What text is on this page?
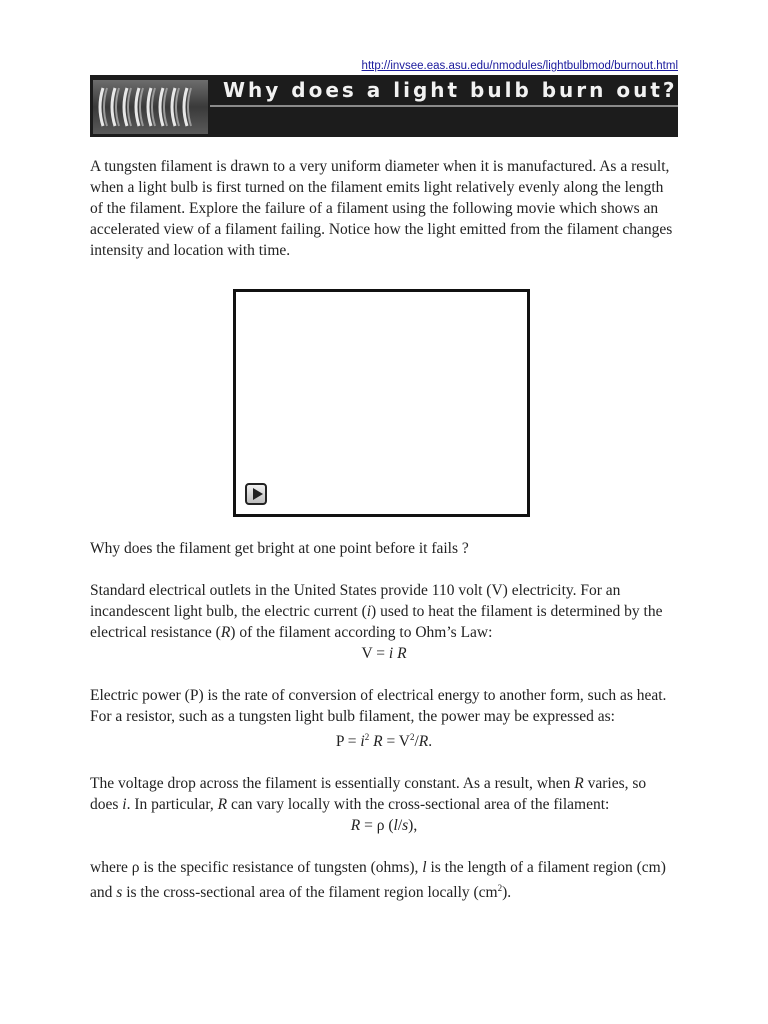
http://invsee.eas.asu.edu/nmodules/lightbulbmod/burnout.html
Why does a light bulb burn out?

A tungsten filament is drawn to a very uniform diameter when it is manufactured. As a result, when a light bulb is first turned on the filament emits light relatively evenly along the length of the filament. Explore the failure of a filament using the following movie which shows an accelerated view of a filament failing. Notice how the light emitted from the filament changes intensity and location with time.

Why does the filament get bright at one point before it fails ?

Standard electrical outlets in the United States provide 110 volt (V) electricity. For an incandescent light bulb, the electric current (i) used to heat the filament is determined by the electrical resistance (R) of the filament according to Ohm’s Law:

V = i R

Electric power (P) is the rate of conversion of electrical energy to another form, such as heat. For a resistor, such as a tungsten light bulb filament, the power may be expressed as:

$P = i^2$ $R = V^2/R$.

The voltage drop across the filament is essentially constant. As a result, when R varies, so does i. In particular, R can vary locally with the cross-sectional area of the filament:

R = ρ (l/s),

where ρ is the specific resistance of tungsten (ohms), l is the length of a filament region (cm) and s is the cross-sectional area of the filament region locally $(cm^2)$.
